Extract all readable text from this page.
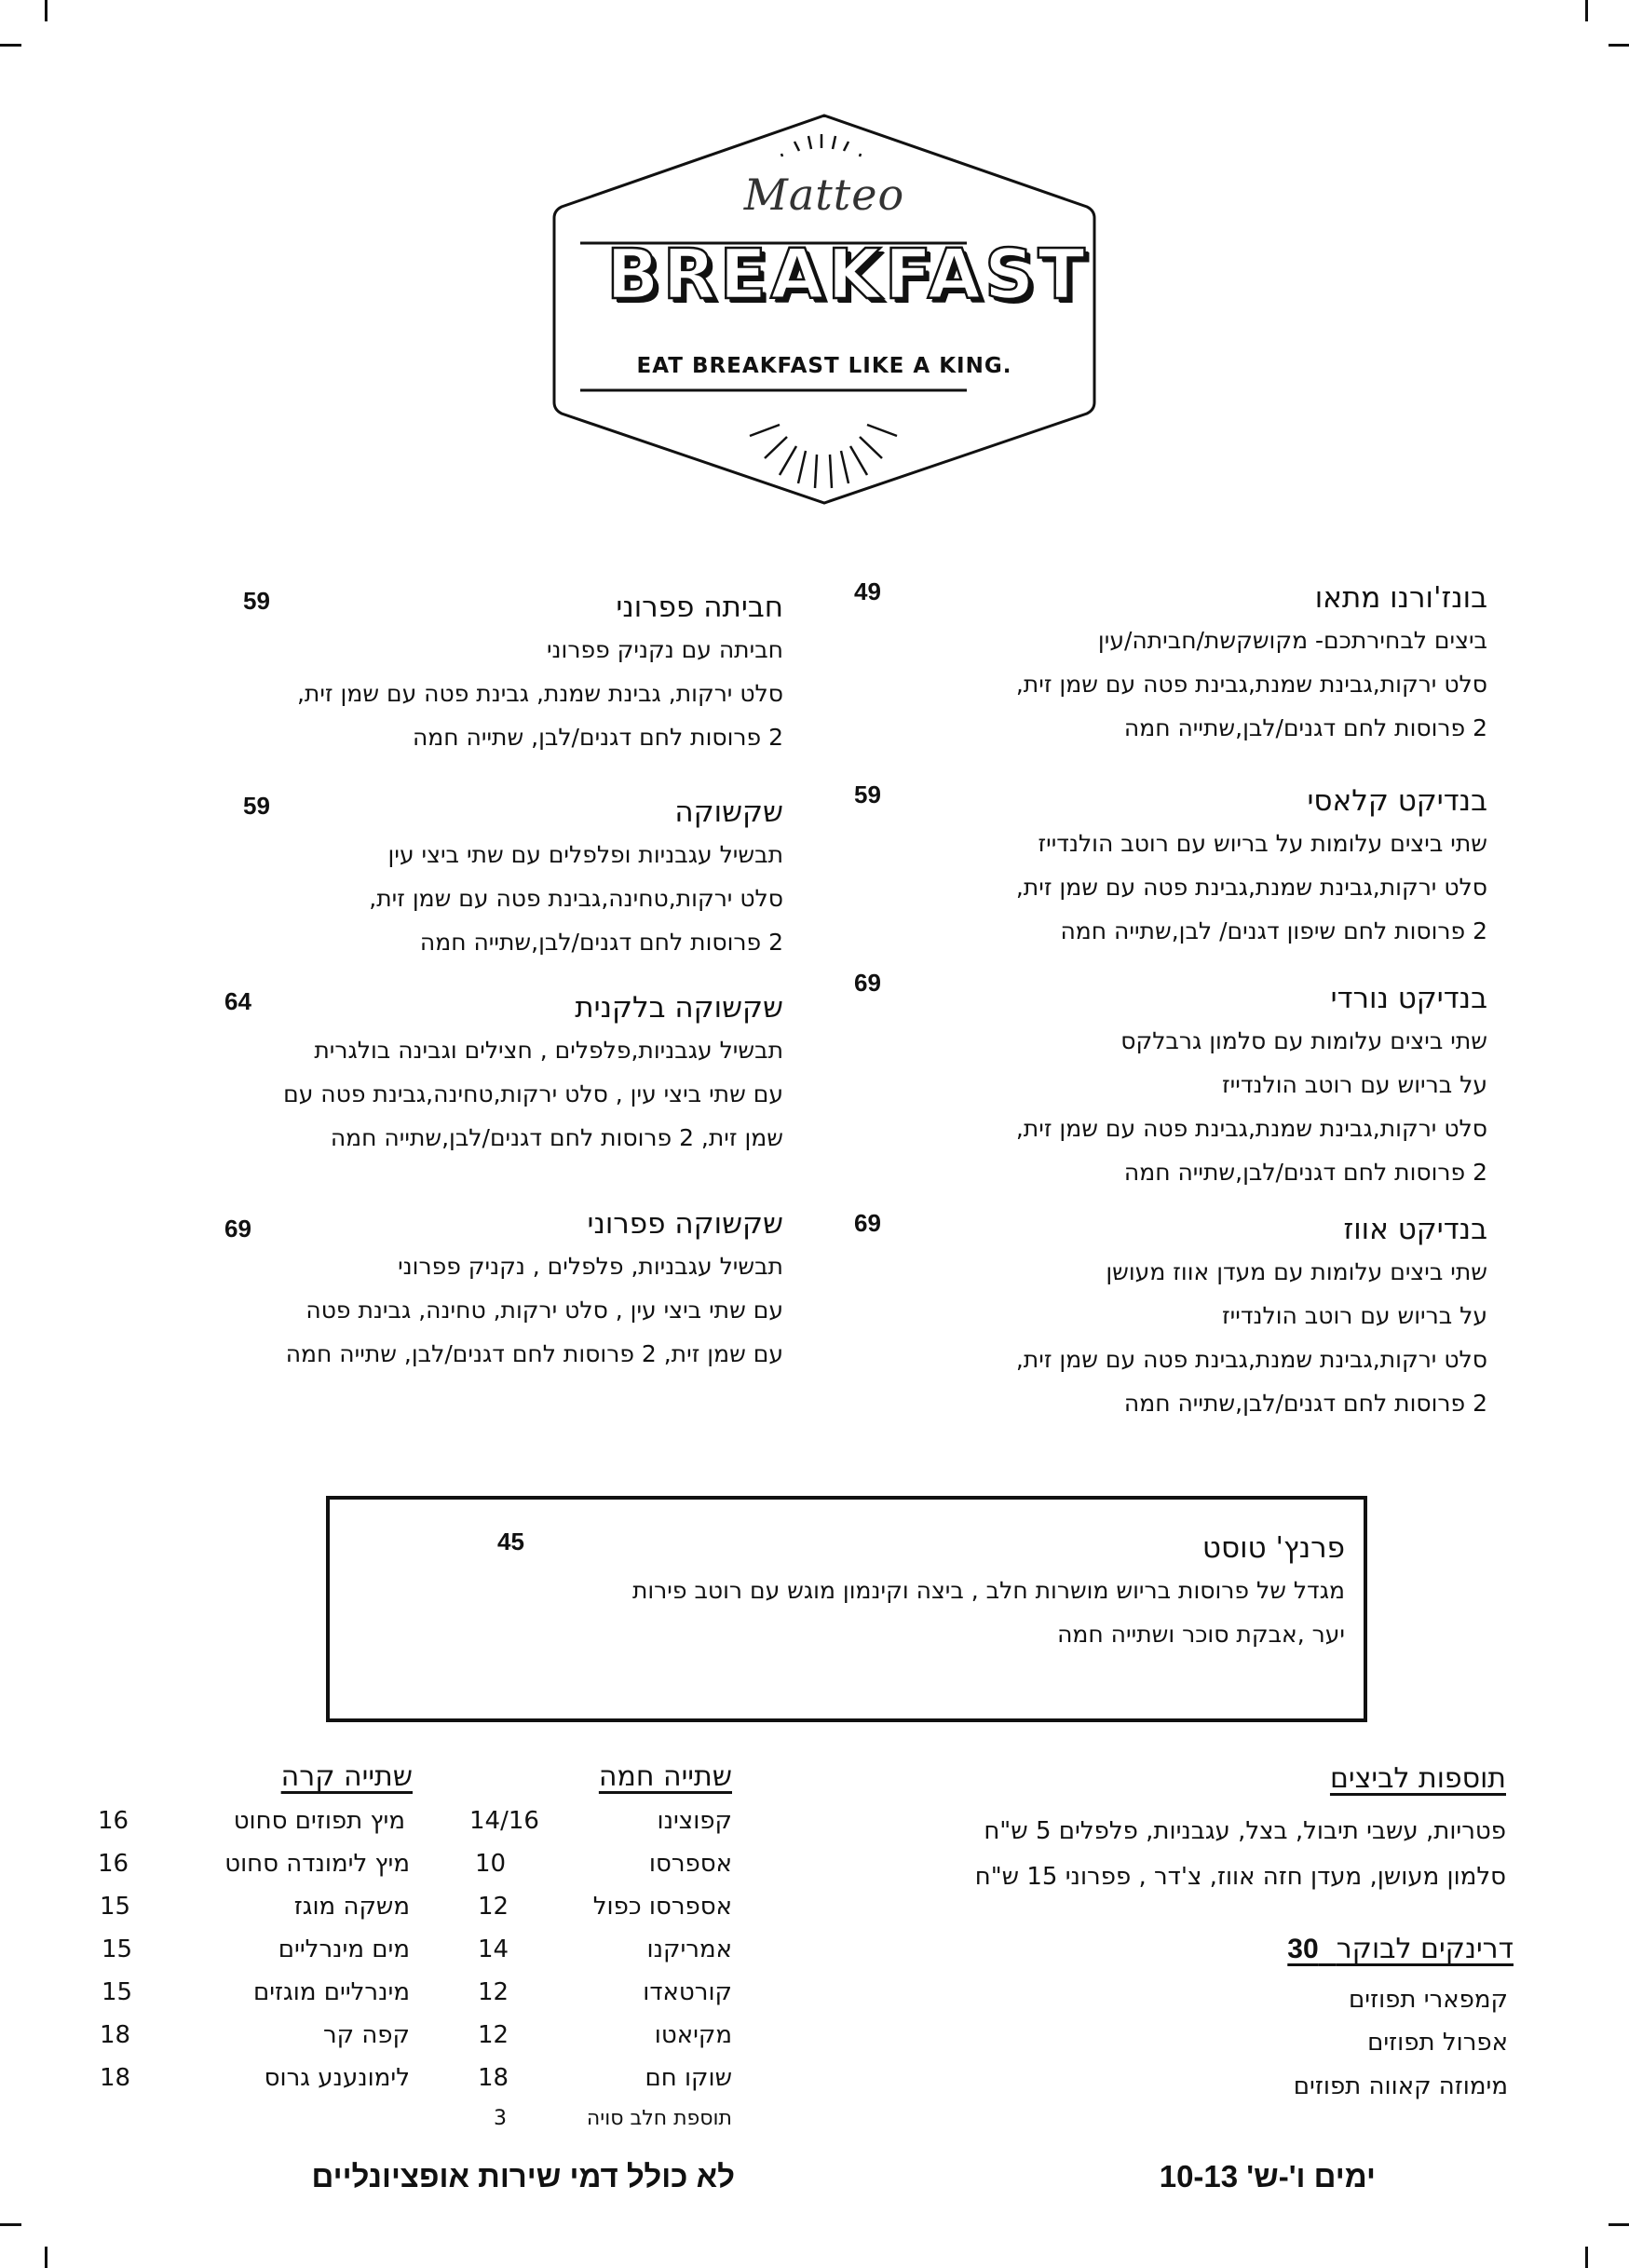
Matteo
BREAKFAST
EAT BREAKFAST LIKE A KING.
בונז'ורנו מתאו
49
ביצים לבחירתכם- מקושקשת/חביתה/עין
סלט ירקות,גבינת שמנת,גבינת פטה עם שמן זית,
2 פרוסות לחם דגנים/לבן,שתייה חמה
בנדיקט קלאסי
59
שתי ביצים עלומות על בריוש עם רוטב הולנדייז
סלט ירקות,גבינת שמנת,גבינת פטה עם שמן זית,
2 פרוסות לחם שיפון דגנים/ לבן,שתייה חמה
בנדיקט נורדי
69
שתי ביצים עלומות עם סלמון גרבלקס
על בריוש עם רוטב הולנדייז
סלט ירקות,גבינת שמנת,גבינת פטה עם שמן זית,
2 פרוסות לחם דגנים/לבן,שתייה חמה
בנדיקט אווז
69
שתי ביצים עלומות עם מעדן אווז מעושן
על בריוש עם רוטב הולנדייז
סלט ירקות,גבינת שמנת,גבינת פטה עם שמן זית,
2 פרוסות לחם דגנים/לבן,שתייה חמה
חביתה פפרוני
59
חביתה עם נקניק פפרוני
סלט ירקות, גבינת שמנת, גבינת פטה עם שמן זית,
2 פרוסות לחם דגנים/לבן, שתייה חמה
שקשוקה
59
תבשיל עגבניות ופלפלים עם שתי ביצי עין
סלט ירקות,טחינה,גבינת פטה עם שמן זית,
2 פרוסות לחם דגנים/לבן,שתייה חמה
שקשוקה בלקנית
64
תבשיל עגבניות,פלפלים , חצילים וגבינה בולגרית
עם שתי ביצי עין , סלט ירקות,טחינה,גבינת פטה עם
שמן זית, 2 פרוסות לחם דגנים/לבן,שתייה חמה
שקשוקה פפרוני
69
תבשיל עגבניות, פלפלים , נקניק פפרוני
עם שתי ביצי עין , סלט ירקות, טחינה, גבינת פטה
עם שמן זית, 2 פרוסות לחם דגנים/לבן, שתייה חמה
פרנץ' טוסט
45
מגדל של פרוסות בריוש מושרות חלב , ביצה וקינמון מוגש עם רוטב פירות
יער ,אבקת סוכר ושתייה חמה
תוספות לביצים
פטריות, עשבי תיבול, בצל, עגבניות, פלפלים 5 ש"ח
סלמון מעושן, מעדן חזה אווז, צ'דר , פפרוני 15 ש"ח
דרינקים לבוקר  30
קמפארי תפוזים
אפרול תפוזים
מימוזה קאווה תפוזים
שתייה חמה
קפוצינו
14/16
אספרסו
10
אספרסו כפול
12
אמריקנו
14
קורטאדו
12
מקיאטו
12
שוקו חם
18
תוספת חלב סויה
3
שתייה קרה
מיץ תפוזים סחוט
16
מיץ לימונדה סחוט
16
משקה מוגז
15
מים מינרליים
15
מינרליים מוגזים
15
קפה קר
18
לימונענע גרוס
18
ימים ו'-ש' 10-13
לא כולל דמי שירות אופציונליים
